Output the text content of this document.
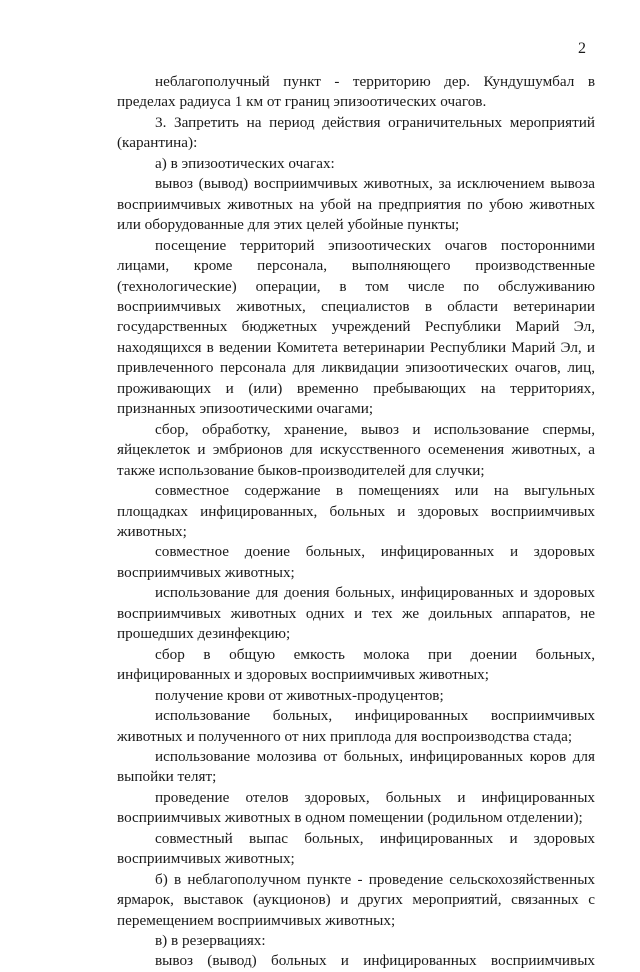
2

неблагополучный пункт - территорию дер. Кундушумбал в пределах радиуса 1 км от границ эпизоотических очагов.

3. Запретить на период действия ограничительных мероприятий (карантина):

а) в эпизоотических очагах:

вывоз (вывод) восприимчивых животных, за исключением вывоза восприимчивых животных на убой на предприятия по убою животных или оборудованные для этих целей убойные пункты;

посещение территорий эпизоотических очагов посторонними лицами, кроме персонала, выполняющего производственные (технологические) операции, в том числе по обслуживанию восприимчивых животных, специалистов в области ветеринарии государственных бюджетных учреждений Республики Марий Эл, находящихся в ведении Комитета ветеринарии Республики Марий Эл, и привлеченного персонала для ликвидации эпизоотических очагов, лиц, проживающих и (или) временно пребывающих на территориях, признанных эпизоотическими очагами;

сбор, обработку, хранение, вывоз и использование спермы, яйцеклеток и эмбрионов для искусственного осеменения животных, а также использование быков-производителей для случки;

совместное содержание в помещениях или на выгульных площадках инфицированных, больных и здоровых восприимчивых животных;

совместное доение больных, инфицированных и здоровых восприимчивых животных;

использование для доения больных, инфицированных и здоровых восприимчивых животных одних и тех же доильных аппаратов, не прошедших дезинфекцию;

сбор в общую емкость молока при доении больных, инфицированных и здоровых восприимчивых животных;

получение крови от животных-продуцентов;

использование больных, инфицированных восприимчивых животных и полученного от них приплода для воспроизводства стада;

использование молозива от больных, инфицированных коров для выпойки телят;

проведение отелов здоровых, больных и инфицированных восприимчивых животных в одном помещении (родильном отделении);

совместный выпас больных, инфицированных и здоровых восприимчивых животных;

б) в неблагополучном пункте - проведение сельскохозяйственных ярмарок, выставок (аукционов) и других мероприятий, связанных с перемещением восприимчивых животных;

в) в резервациях:

вывоз (вывод) больных и инфицированных восприимчивых
